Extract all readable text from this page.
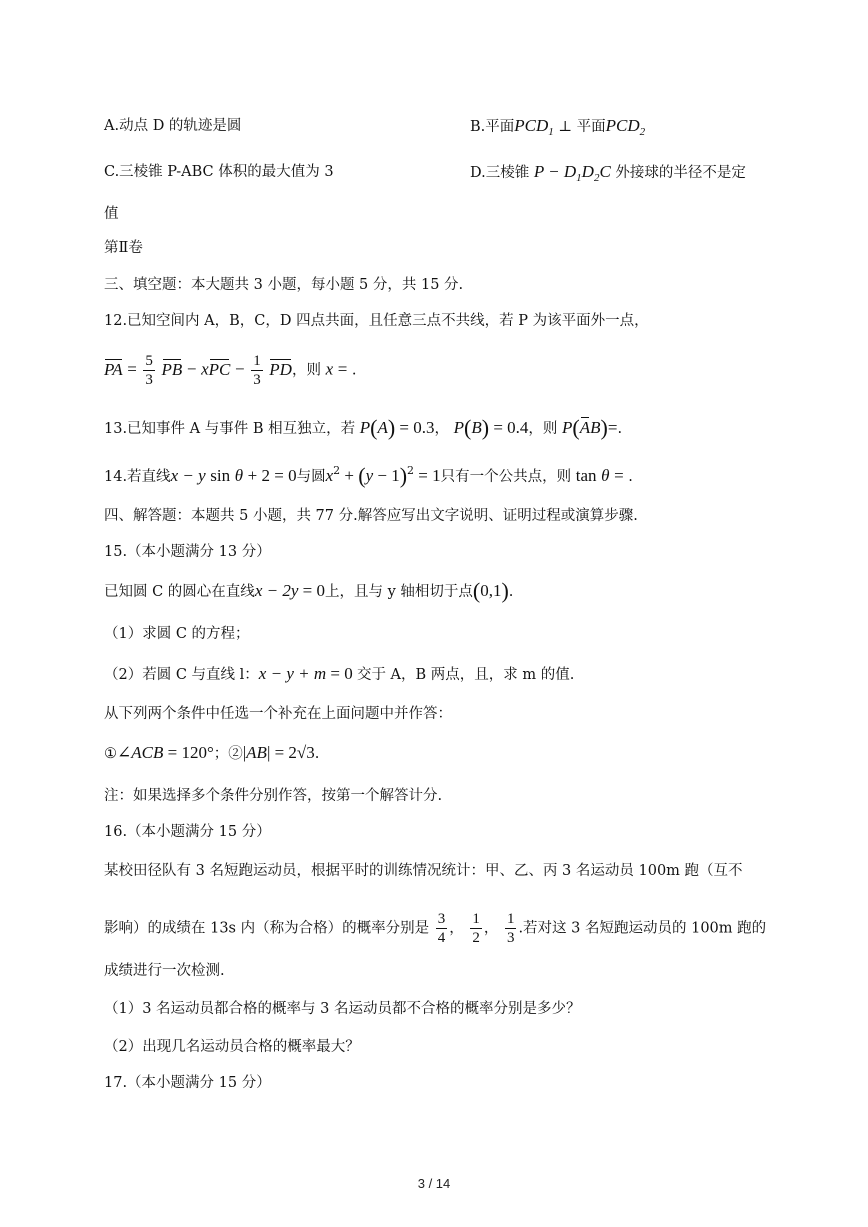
A.动点 D 的轨迹是圆	B.平面$PCD_1$ ⊥ 平面$PCD_2$
C.三棱锥 P-ABC 体积的最大值为 3	D.三棱锥 $P - D_1D_2C$ 外接球的半径不是定
值
第Ⅱ卷
三、填空题：本大题共 3 小题，每小题 5 分，共 15 分.
12.已知空间内 A，B，C，D 四点共面，且任意三点不共线，若 P 为该平面外一点，
PA = $\frac{5}{3}$ PB − xPC − $\frac{1}{3}$ PD，则 x = .
13.已知事件 A 与事件 B 相互独立，若 P(A) = 0.3， P(B) = 0.4，则 P(AB)=.
14.若直线x − y sin θ + 2 = 0与圆$x^2 + (y - 1)^2 = 1$只有一个公共点，则 tan θ = .
四、解答题：本题共 5 小题，共 77 分.解答应写出文字说明、证明过程或演算步骤.
15.（本小题满分 13 分）
已知圆 C 的圆心在直线x − 2y = 0上，且与 y 轴相切于点(0,1).
（1）求圆 C 的方程；
（2）若圆 C 与直线 l：x − y + m = 0 交于 A，B 两点，且，求 m 的值.
从下列两个条件中任选一个补充在上面问题中并作答：
①∠ACB = 120°；②|AB| = 2√3.
注：如果选择多个条件分别作答，按第一个解答计分.
16.（本小题满分 15 分）
某校田径队有 3 名短跑运动员，根据平时的训练情况统计：甲、乙、丙 3 名运动员 100m 跑（互不
影响）的成绩在 13s 内（称为合格）的概率分别是 $\frac{3}{4}$ ， $\frac{1}{2}$ ， $\frac{1}{3}$ .若对这 3 名短跑运动员的 100m 跑的
成绩进行一次检测.
（1）3 名运动员都合格的概率与 3 名运动员都不合格的概率分别是多少？
（2）出现几名运动员合格的概率最大？
17.（本小题满分 15 分）
3 / 14
